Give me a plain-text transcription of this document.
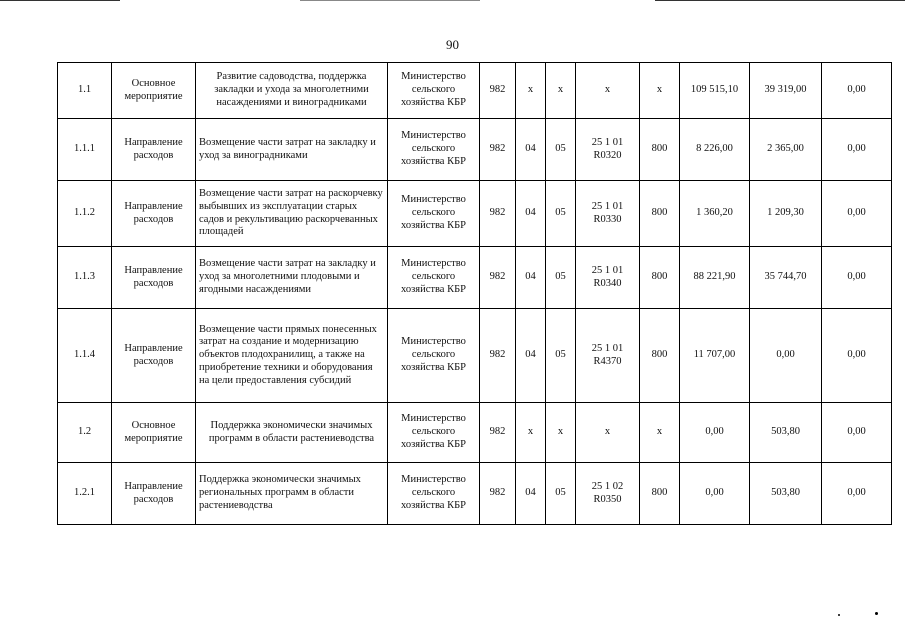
90
1.1	Основное мероприятие	Развитие садоводства, поддержка закладки и ухода за многолетними насаждениями и виноградниками	Министерство сельского хозяйства КБР	982	x	x	x	x	109 515,10	39 319,00	0,00
1.1.1	Направление расходов	Возмещение части затрат на закладку и уход за виноградниками	Министерство сельского хозяйства КБР	982	04	05	25 1 01 R0320	800	8 226,00	2 365,00	0,00
1.1.2	Направление расходов	Возмещение части затрат на раскорчевку выбывших из эксплуатации старых садов и рекультивацию раскорчеванных площадей	Министерство сельского хозяйства КБР	982	04	05	25 1 01 R0330	800	1 360,20	1 209,30	0,00
1.1.3	Направление расходов	Возмещение части затрат на закладку и уход за многолетними плодовыми и ягодными насаждениями	Министерство сельского хозяйства КБР	982	04	05	25 1 01 R0340	800	88 221,90	35 744,70	0,00
1.1.4	Направление расходов	Возмещение части прямых понесенных затрат на создание и модернизацию объектов плодохранилищ, а также на приобретение техники и оборудования на цели предоставления субсидий	Министерство сельского хозяйства КБР	982	04	05	25 1 01 R4370	800	11 707,00	0,00	0,00
1.2	Основное мероприятие	Поддержка экономически значимых программ в области растениеводства	Министерство сельского хозяйства КБР	982	x	x	x	x	0,00	503,80	0,00
1.2.1	Направление расходов	Поддержка экономически значимых региональных программ в области растениеводства	Министерство сельского хозяйства КБР	982	04	05	25 1 02 R0350	800	0,00	503,80	0,00
